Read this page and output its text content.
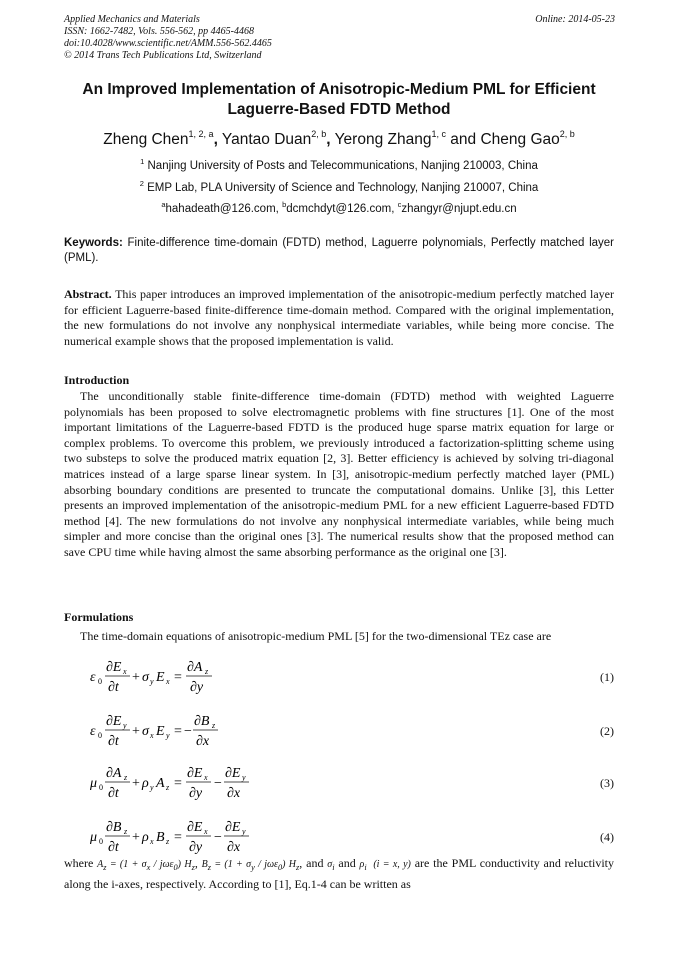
Applied Mechanics and Materials
ISSN: 1662-7482, Vols. 556-562, pp 4465-4468
doi:10.4028/www.scientific.net/AMM.556-562.4465
© 2014 Trans Tech Publications Ltd, Switzerland
Online: 2014-05-23
An Improved Implementation of Anisotropic-Medium PML for Efficient
Laguerre-Based FDTD Method
Zheng Chen$^{1, 2, a}$, Yantao Duan$^{2, b}$, Yerong Zhang$^{1, c}$ and Cheng Gao$^{2, b}$
$^1$ Nanjing University of Posts and Telecommunications, Nanjing 210003, China
$^2$ EMP Lab, PLA University of Science and Technology, Nanjing 210007, China
$^a$hahadeath@126.com, $^b$dcmchdyt@126.com, $^c$zhangyr@njupt.edu.cn
Keywords: Finite-difference time-domain (FDTD) method, Laguerre polynomials, Perfectly matched layer (PML).
Abstract. This paper introduces an improved implementation of the anisotropic-medium perfectly matched layer for efficient Laguerre-based finite-difference time-domain method. Compared with the original implementation, the new formulations do not involve any nonphysical intermediate variables, while being more concise. The numerical example shows that the proposed implementation is valid.
Introduction
The unconditionally stable finite-difference time-domain (FDTD) method with weighted Laguerre polynomials has been proposed to solve electromagnetic problems with fine structures [1]. One of the most important limitations of the Laguerre-based FDTD is the produced huge sparse matrix equation for large or complex problems. To overcome this problem, we previously introduced a factorization-splitting scheme using two substeps to solve the produced matrix equation [2, 3]. Better efficiency is achieved by solving tri-diagonal matrices instead of a large sparse linear system. In [3], anisotropic-medium perfectly matched layer (PML) absorbing boundary conditions are presented to truncate the computational domains. Unlike [3], this Letter presents an improved implementation of the anisotropic-medium PML for a new efficient Laguerre-based FDTD method [4]. The new formulations do not involve any nonphysical intermediate variables, while being much simpler and more concise than the original ones [3]. The numerical results show that the proposed method can save CPU time while having almost the same absorbing performance as the original one [3].
Formulations
The time-domain equations of anisotropic-medium PML [5] for the two-dimensional TEz case are
ε 0
∂E x
∂t
+ σ y E x =
∂A z
∂y
(1)
ε 0
∂E y
∂t
+ σ x E y = −
∂B z
∂x
(2)
μ 0
∂A z
∂t
+ ρ y A z =
∂E x
∂y
−
∂E y
∂x
(3)
μ 0
∂B z
∂t
+ ρ x B z =
∂E x
∂y
−
∂E y
∂x
(4)
where $A_z = (1 + \sigma_x / j\omega\varepsilon_0)$ $H_z$, $B_z = (1 + \sigma_y / j\omega\varepsilon_0)$ $H_z$, and $\sigma_i$ and $\rho_i$  (i = x, y) are the PML conductivity and reluctivity along the i-axes, respectively. According to [1], Eq.1-4 can be written as
